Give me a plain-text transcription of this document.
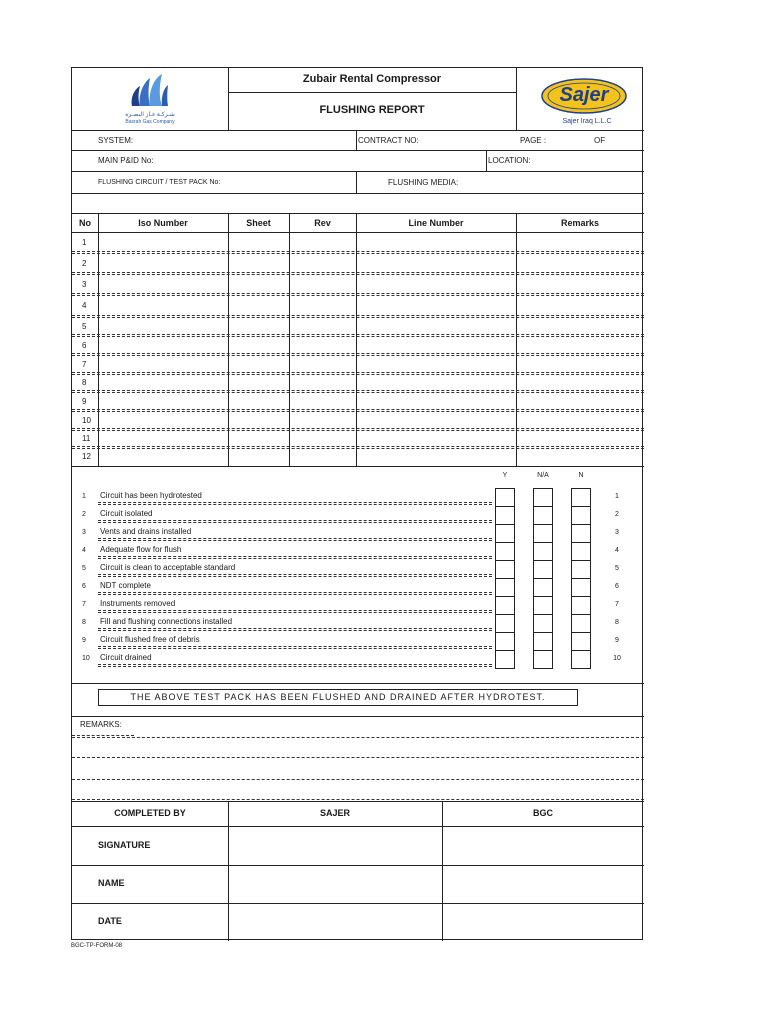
Zubair Rental Compressor
FLUSHING REPORT
شـركـة غـاز البصـرة
Basrah Gas Company
Sajer
Sajer Iraq L.L.C
SYSTEM:	CONTRACT NO:	PAGE :	OF
MAIN P&ID No:	LOCATION:
FLUSHING CIRCUIT / TEST PACK No:	FLUSHING MEDIA:
No	Iso Number	Sheet	Rev	Line Number	Remarks
1
2
3
4
5
6
7
8
9
10
11
12
Y	N/A	N
1 Circuit has been hydrotested	1
2 Circuit isolated	2
3 Vents and drains installed	3
4 Adequate flow for flush	4
5 Circuit is clean to acceptable standard	5
6 NDT complete	6
7 Instruments removed	7
8 Fill and flushing connections installed	8
9 Circuit flushed free of debris	9
10 Circuit drained	10
THE ABOVE TEST PACK HAS BEEN FLUSHED AND DRAINED AFTER HYDROTEST.
REMARKS:
COMPLETED BY	SAJER	BGC
SIGNATURE
NAME
DATE
BGC-TP-FORM-08
